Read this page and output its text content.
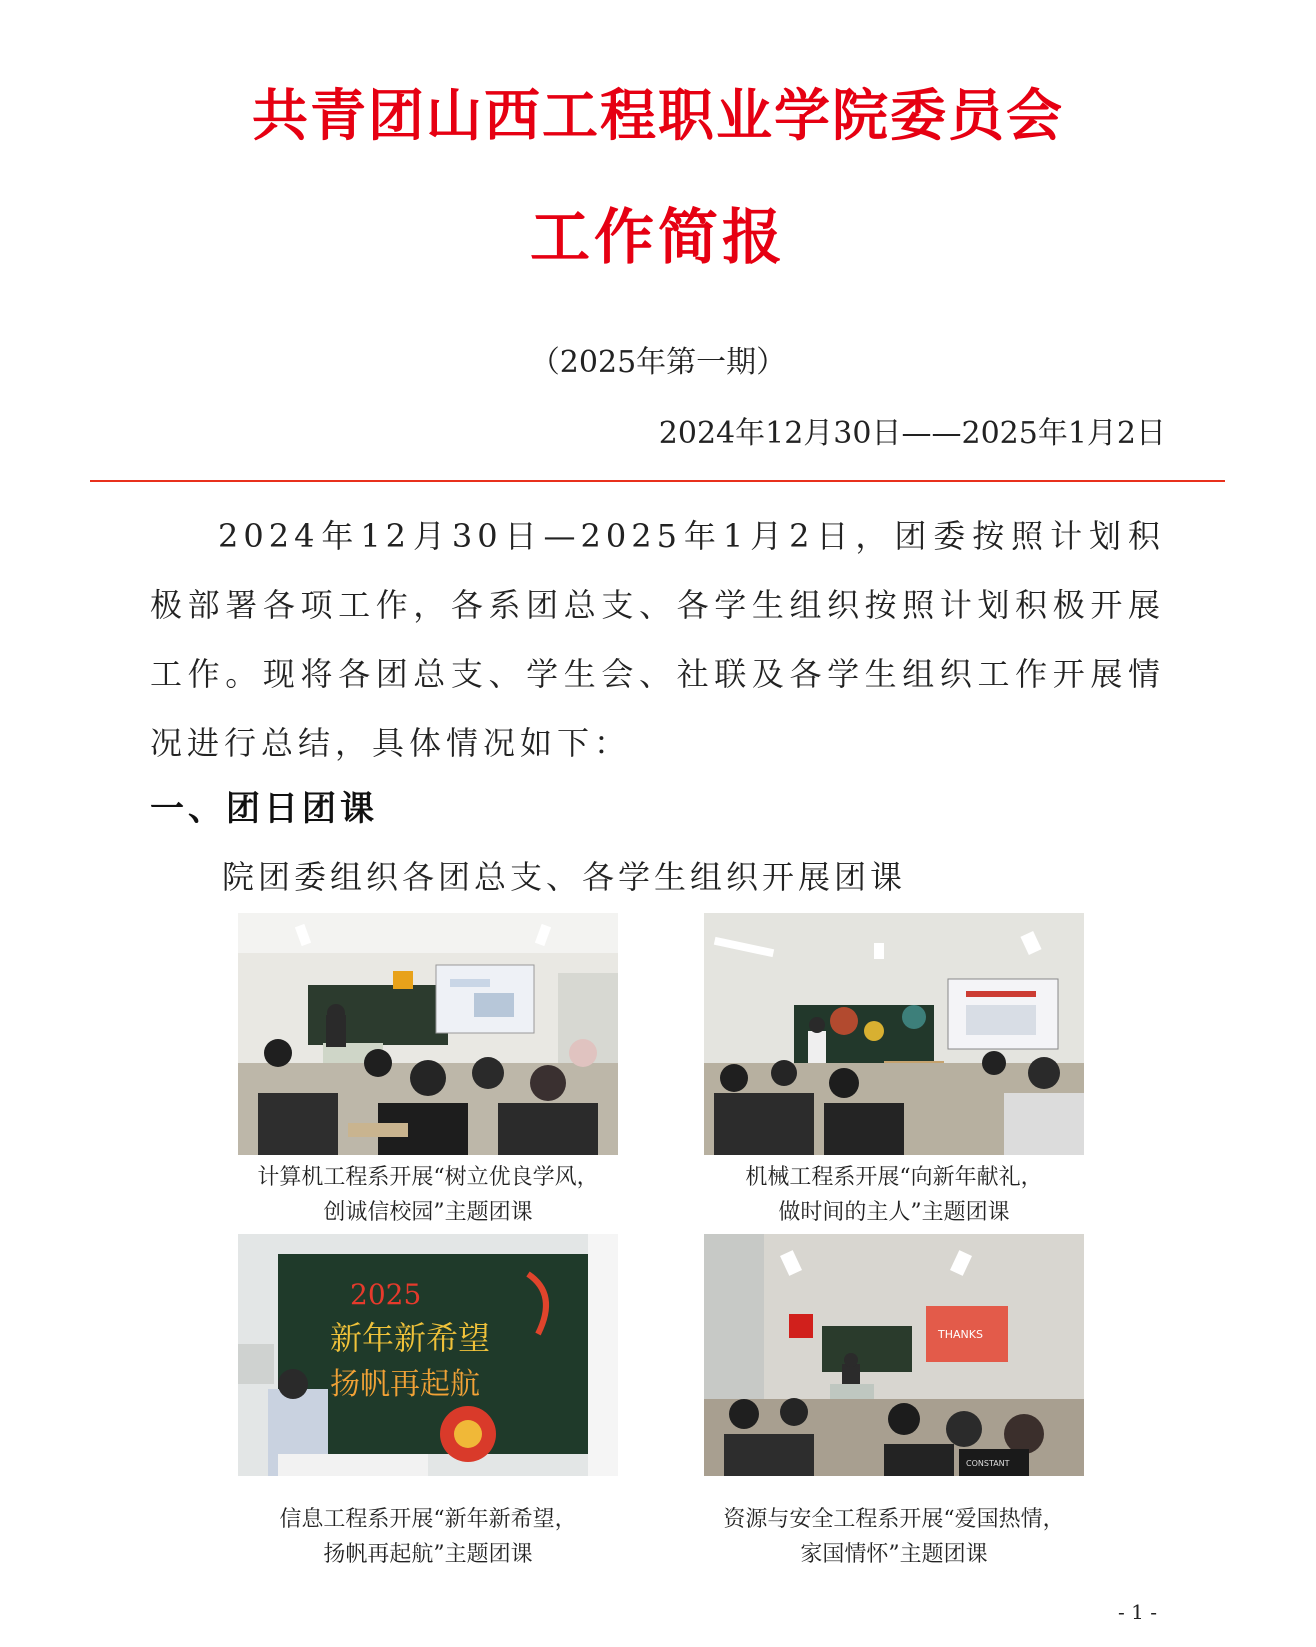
共青团山西工程职业学院委员会
工作简报
（2025年第一期）
2024年12月30日——2025年1月2日
2024年12月30日—2025年1月2日，团委按照计划积极部署各项工作，各系团总支、各学生组织按照计划积极开展工作。现将各团总支、学生会、社联及各学生组织工作开展情况进行总结，具体情况如下：
一、团日团课
院团委组织各团总支、各学生组织开展团课
计算机工程系开展“树立优良学风，
创诚信校园”主题团课
机械工程系开展“向新年献礼，
做时间的主人”主题团课
2025
新年新希望
扬帆再起航
信息工程系开展“新年新希望，
扬帆再起航”主题团课
THANKS
CONSTANT
资源与安全工程系开展“爱国热情，
家国情怀”主题团课
- 1 -
